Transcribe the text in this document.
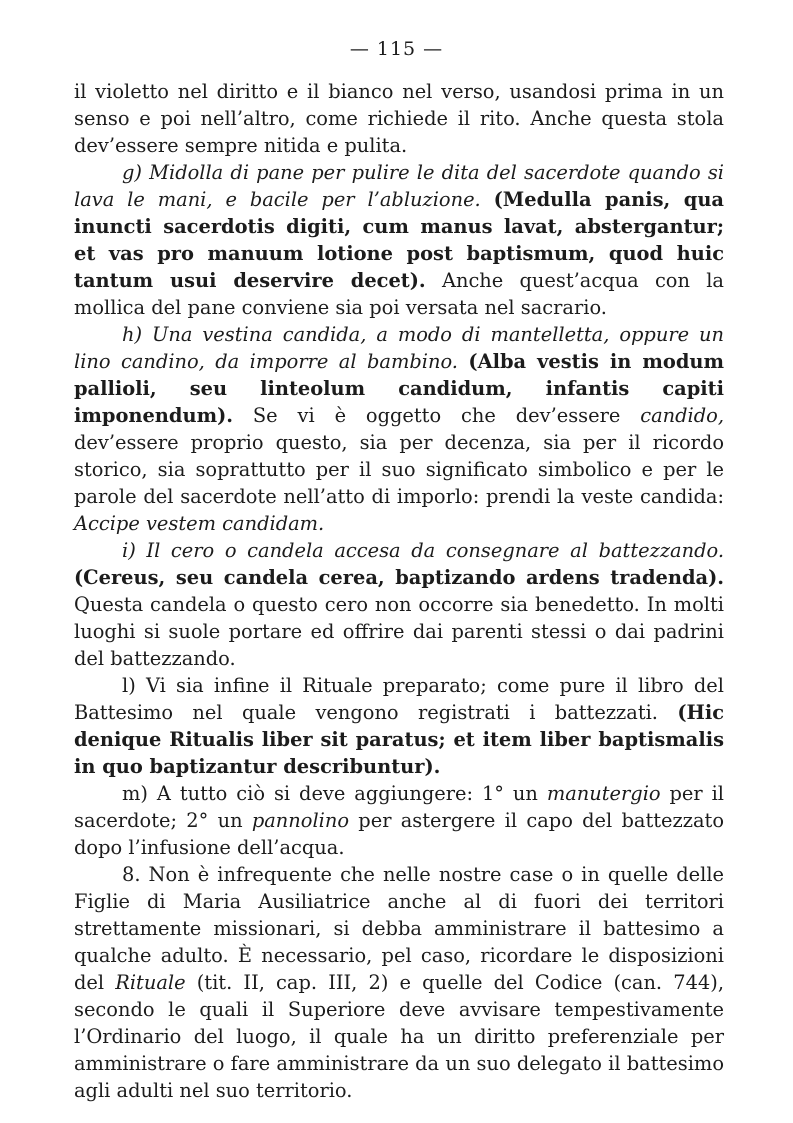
— 115 —

il violetto nel diritto e il bianco nel verso, usandosi prima in un senso e poi nell’altro, come richiede il rito. Anche questa stola dev’essere sempre nitida e pulita.

g) Midolla di pane per pulire le dita del sacerdote quando si lava le mani, e bacile per l’abluzione. (Medulla panis, qua inuncti sacerdotis digiti, cum manus lavat, abstergantur; et vas pro manuum lotione post baptismum, quod huic tantum usui deservire decet). Anche quest’acqua con la mollica del pane conviene sia poi versata nel sacrario.

h) Una vestina candida, a modo di mantelletta, oppure un lino candino, da imporre al bambino. (Alba vestis in modum pallioli, seu linteolum candidum, infantis capiti imponendum). Se vi è oggetto che dev’essere candido, dev’essere proprio questo, sia per decenza, sia per il ricordo storico, sia soprattutto per il suo significato simbolico e per le parole del sacerdote nell’atto di imporlo: prendi la veste candida: Accipe vestem candidam.

i) Il cero o candela accesa da consegnare al battezzando. (Cereus, seu candela cerea, baptizando ardens tradenda). Questa candela o questo cero non occorre sia benedetto. In molti luoghi si suole portare ed offrire dai parenti stessi o dai padrini del battezzando.

l) Vi sia infine il Rituale preparato; come pure il libro del Battesimo nel quale vengono registrati i battezzati. (Hic denique Ritualis liber sit paratus; et item liber baptismalis in quo baptizantur describuntur).

m) A tutto ciò si deve aggiungere: 1° un manutergio per il sacerdote; 2° un pannolino per astergere il capo del battezzato dopo l’infusione dell’acqua.

8. Non è infrequente che nelle nostre case o in quelle delle Figlie di Maria Ausiliatrice anche al di fuori dei territori strettamente missionari, si debba amministrare il battesimo a qualche adulto. È necessario, pel caso, ricordare le disposizioni del Rituale (tit. II, cap. III, 2) e quelle del Codice (can. 744), secondo le quali il Superiore deve avvisare tempestivamente l’Ordinario del luogo, il quale ha un diritto preferenziale per amministrare o fare amministrare da un suo delegato il battesimo agli adulti nel suo territorio.
